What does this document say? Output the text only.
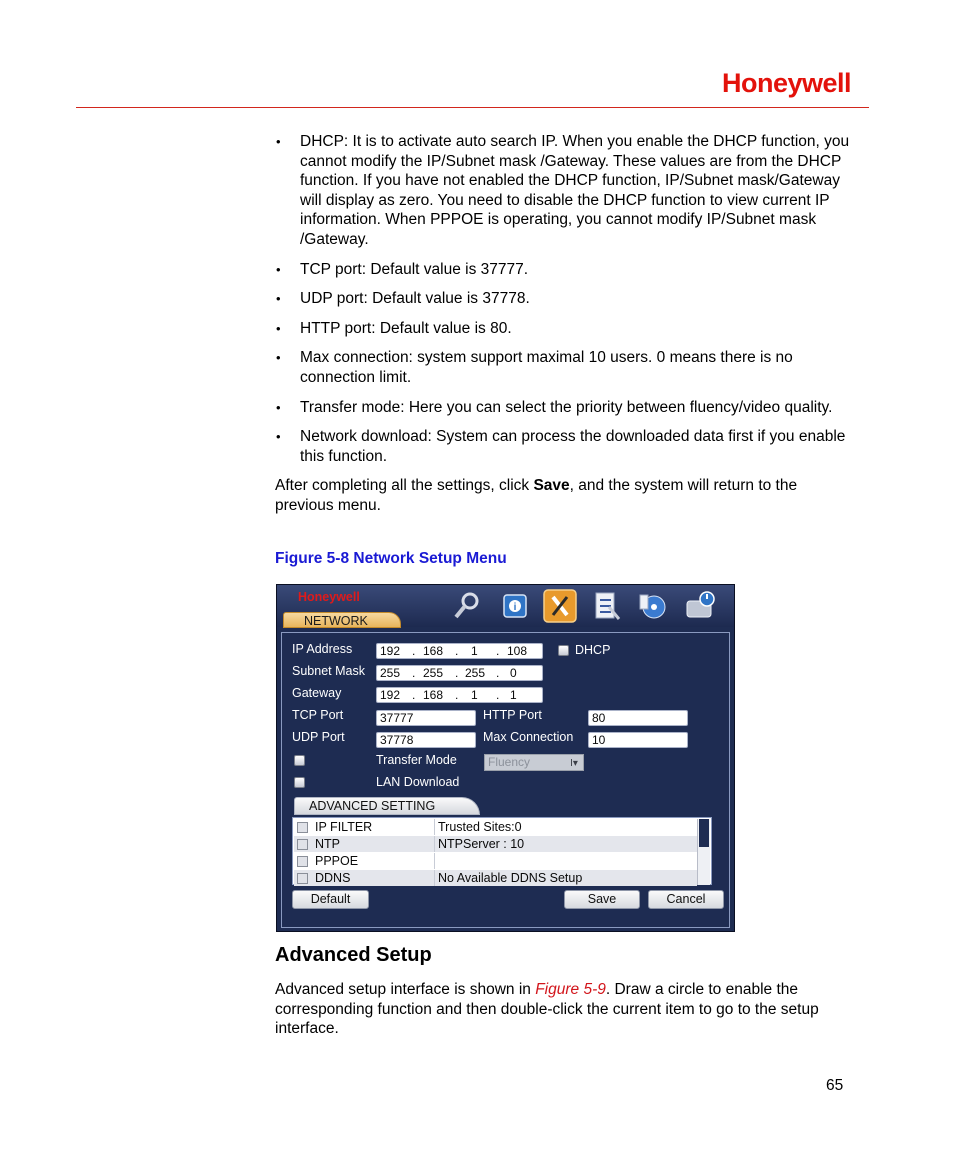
Honeywell
• DHCP: It is to activate auto search IP. When you enable the DHCP function, you cannot modify the IP/Subnet mask /Gateway. These values are from the DHCP function. If you have not enabled the DHCP function, IP/Subnet mask/Gateway will display as zero. You need to disable the DHCP function to view current IP information. When PPPOE is operating, you cannot modify IP/Subnet mask /Gateway.
• TCP port: Default value is 37777.
• UDP port: Default value is 37778.
• HTTP port: Default value is 80.
• Max connection: system support maximal 10 users. 0 means there is no connection limit.
• Transfer mode: Here you can select the priority between fluency/video quality.
• Network download: System can process the downloaded data first if you enable this function.

After completing all the settings, click Save, and the system will return to the previous menu.

Figure 5-8 Network Setup Menu
Honeywell
NETWORK
i
IP Address 192 . 168 . 1 . 108	DHCP
Subnet Mask 255 . 255 . 255 . 0
Gateway	192 . 168 . 1 . 1
TCP Port	37777	HTTP Port	80
UDP Port	37778	Max Connection	10
Transfer Mode	Fluency	I▾
LAN Download
ADVANCED SETTING
IP FILTER	Trusted Sites:0
NTP	NTPServer : 10
PPPOE
DDNS	No Available DDNS Setup
Default	Save	Cancel
Advanced Setup

Advanced setup interface is shown in Figure 5-9. Draw a circle to enable the corresponding function and then double-click the current item to go to the setup interface.

65
